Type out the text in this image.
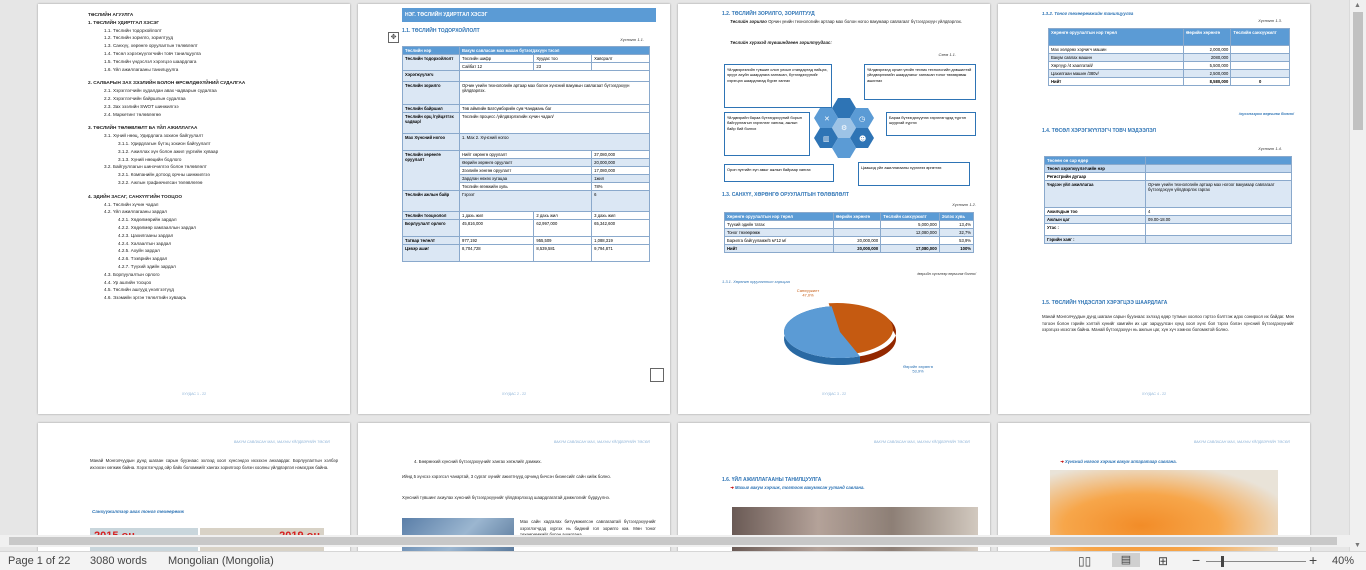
ХУУДАС 1 - 22
ТӨСЛИЙН АГУУЛГА
1. ТӨСЛИЙН УДИРТГАЛ ХЭСЭГ
1.1. Төслийн тодорхойлолт
1.2. Төслийн зорилго, зорилтууд
1.3. Санхүү, хөрөнгө оруулалтын төлөвлөлт
1.4. Төсөл хэрэгжүүлэгчийн товч танилцуулга
1.5. Төслийн үндэслэл хэрэгцээ шаардлага
1.6. Үйл ажиллагааны танилцуулга
2. САЛБАРЫН ЗАХ ЗЭЭЛИЙН БОЛОН ӨРСӨЛДӨХҮЙНИЙ СУДАЛГАА
2.1. Хэрэглэгчийн худалдан авах чадварын судалгаа
2.2. Хэрэглэгчийн байршлын судалгаа
2.3. Зах зээлийн SWOT шинжилгээ
2.4. Маркетинг төлөвлөгөө
3. ТӨСЛИЙН ТӨЛӨВЛӨЛТ БА ҮЙЛ АЖИЛЛАГАА
3.1. Хүний нөөц, Удирдлага зохион байгуулалт
3.1.1. Удирдлагын бүтэц зохион байгуулалт
3.1.2. Ажиллах хүн болон ажил үүргийн хуваар
3.1.3. Хүний нөөцийн бодлого
3.2. Байгууллагын шинэчилгээ болон төлөвлөлт
3.2.1. Компанийн дотоод орчны шинжилгээ
3.2.2. Ажлын графикчилсан төлөвлөгөө
4. ЭДИЙН ЗАСАГ, САНХҮҮГИЙН ТООЦОО
4.1. Төслийн хүчин чадал
4.2. Үйл ажиллагааны зардал
4.2.1. Хөдөлмөрийн зардал
4.2.2. Хөдөлмөр хамгааллын зардал
4.2.3. Цахилгааны зардал
4.2.4. Халаалтын зардал
4.2.5. Ахуйн зардал
4.2.6. Тээврийн зардал
4.2.7. Түүхий эдийн зардал
4.3. Борлуулалтын орлого
4.4. Ур ашгийн тооцоо
4.5. Төслийн ашгууд үнэлгээтүүд
4.6. Эзэмийн эргэн төлөлтийн хуваарь
✥
НЭГ. ТӨСЛИЙН УДИРТГАЛ ХЭСЭГ
1.1. ТӨСЛИЙН ТОДОРХОЙЛОЛТ
Хүснэгт 1.1.
Төслийн нэр	Вакум савласан мах махан бүтээгдэхүүн тэсэл		
Төслийн тодорхойлолт	Төслийн шифр	Хуудас тоо	Хавсралт
	Сайбат 12	23	
Хэрэгжүүлэгч			
Төслийн зорилго	Орчин үеийн технологийн артаар мах болон хүнсний вакумын савлагаат бүтээгдэхүүн үйлдвэрлэх.		
Төслийн байршил	Төв аймгийн Батсүмбэрийн сум Чандмань баг		
Төслийн орц /гүйцэтгэх чадвар/	Төслийн процесс /үйлдвэрлэлийн хүчин чадал/		
Мах Хүнсний ногоо	1. Мах 2. Хүнсний ногоо		
Төслийн хөрөнгө оруулалт	Нийт хөрөнгө оруулалт		37,080,000
	Өөрийн хөрөнгө оруулалт		20,000,000
	Зээлийн хөнгөө оруулалт		17,080,000
	Зардлан нөхөх хугацаа		1жил
	Төслийн өгөөжийн хувь		78%
Төслийн ажлын байр	Гэрээт		6
Төслийн тооцоолол	1 дахь жил	2 дахь жил	3 дахь жил
Борлуулалт орлого	45,816,000	62,997,000	65,342,600
Татвар төлөлт	977,192	955,509	1,088,319
Цэвэр ашиг	8,704,728	8,539,581	9,794,871
ХУУДАС 2 - 22
1.2. ТӨСЛИЙН ЗОРИЛГО, ЗОРИЛТУУД
Төслийн зорилго Орчин үеийн технологийн артаар мах болон ногоо вакумаар савлагаат бүтээгдэхүүн үйлдвэрлэх.
Төслийн хүрэхэд түвшиндгөөн зорилтуудаас:
Схем 1.1.
Үйлдвэрлэлийн түвшин олон улсын стандартад нийцэх, эрүүл ахуйн шаардлага хангасан, бүтээгдэхүүнийг хэрэгцээ шаардлагад бүрэн хангах
Үйлдвэрлэлд орчин үеийн техник технологийн дэвшилтэй үйлдвэрлэлийн шаардлагыг хангасан тоног төхөөрөмж ашиглах
Үйлдвэрийн бараа бүтээгдэхүүний борын байгууллагын хэрэглээг хангаж, ажлын байр бий болгох
Бараа бүтээгдэхүүнээ хэрэглэгчдэд түргэн шуурхай хүргэх
Орон нутгийн хүн амыг ажлын байраар хангах	Цаашид үйл ажиллагааны хүрээгээ өргөтгөх
✕	◷
⚙
▥	☻
1.3. САНХҮҮ, ХӨРӨНГӨ ОРУУЛАЛТЫН ТӨЛӨВЛӨЛТ
Хүснэгт 1.2.
Хөрөнгө оруулалтын нэр төрөл	Өөрийн хөрөнгө	Төслийн санхүүжилт	Эзлэх хувь
Түүхий эдийн татах		5,000,000	13,4%
Тоног төхөөрөмж		12,080,000	32,7%
Барилга байгууламж/5 м*12 м/	20,000,000		53,9%
Нийт	20,000,000	17,080,000	100%
/өөрийн хүсэлээр өөрчилж болно/
1.3.1. Хөрөнгө оруулалтын харьцаа
Санхүүжилт 47,0%
Өөрийн хөрөнгө 53,9%
ХУУДАС 3 - 22
1.3.2. Тоног төхөөрөмжийн танилцуулга
Хүснэгт 1.3.
Хөрөнгө оруулалтын нэр төрөл	Өөрийн хөрөнгө	Төслийн санхүүжилт
Мах хөлдөөх хэрчигч машин	2,000,000	
Вакум савлах машин	2080,000	
Хөргүүр /4 хаалгатай/	5,500,000	
Цахилгаан машин /380v/	2,500,000	
Нийт	8,580,000	0
/хүсэлээрээ өөрчилж болно/
1.4. ТӨСӨЛ ХЭРЭГЖҮҮЛЭГЧ ТОВЧ МЭДЭЭЛЭЛ
Хүснэгт 1.4.
Төсөөн он сар өдөр	
Төсөл хэрэгжүүлэгчийн нэр	
Регистрийн дугаар	
Үндсэн үйл ажиллагаа	Орчин үеийн технологийн артаар мах ногоог вакумаар савлагаат бүтээгдэхүүн үйлдвэрлэх гаргах
Ажилчдын тоо	4
Ажлын цаг	09.00-18.00
Утас :	
Гэрийн хаяг :	
1.5. ТӨСЛИЙН ҮНДЭСЛЭЛ ХЭРЭГЦЭЭ ШААРДЛАГА
Манай Монголчуудын дунд шагаан сарын буузнаас эхлээд өдөр тутмын хоолоо гэртээ бэлтгэж идэх сонирхол их байдаг. Мөн тогоон болон гэрийн хэлтэй хүнийг хамгийн их цаг зарцуулсан хүнд хоол хүнс бол тэрээ бэлэн хүнсний бүтээгдэхүүнийг хэрэгцээ ихэсгэж байна. Манай бүтээгдэхүүн нь ажлын цаг, хүн хүч хэмнэх боломжтой болно.
ХУУДАС 4 - 22
ВАКУМ САВЛАСАН МАХ, МАХНЫ ҮЙЛДВЭРИЙН ТӨСӨЛ
Манай Монголчуудын дунд шагаан сарын буузнаас эхлээд хоол хүнсэндээ ихээхэн анхаардаг. Борлуулалтын хэлбэр ихээхэн хөгжиж байна. Хэрэглэгчдэд ойр байх боломжийг хангах зорилгоор бэлэн хоолны үйлдвэрлэл нэмэгдэж байна.
Санхүүжилтээр авах тоног төхөөрөмж
ВАКУМ САВЛАСАН МАХ, МАХНЫ ҮЙЛДВЭРИЙН ТӨСӨЛ
4. Бөөрөнхий хүнсний бүтээгдэхүүнийг хангах хөгжлийг дэмжих.
Ийнд 5 хүнсээ хэрэгсэл чанартай, 3 сургат хүнийг ажилтнууд орчинд бичсэн бизнесийг сайн хийж болно.
Хүнсний түвшинг ахиулах хүнсний бүтээгдэхүүнийг үйлдвэрлэхэд шаардлагатай дэмжлэгийг бүрдүүлнэ.
Мах сайн хадгалах битүүмжилсэн савлагаатай бүтээгдэхүүнийг хэрэглэгчдэд хүргэх нь бидний гол зорилго юм. Мөн тоног
ВАКУМ САВЛАСАН МАХ, МАХНЫ ҮЙЛДВЭРИЙН ТӨСӨЛ
1.6. ҮЙЛ АЖИЛЛАГААНЫ ТАНИЛЦУУЛГА
➜ Махыг вакум хэрчиж, тогтоож вакумжсан уутанд савлана.
ВАКУМ САВЛАСАН МАХ, МАХНЫ ҮЙЛДВЭРИЙН ТӨСӨЛ
➜ Хүнсний ногоог хэрчиж вакум аппаратаар савлана.
▲
▼
Page 1 of 22 3080 words Mongolian (Mongolia)	▯▯	▤	⊞ −	+ 40%
